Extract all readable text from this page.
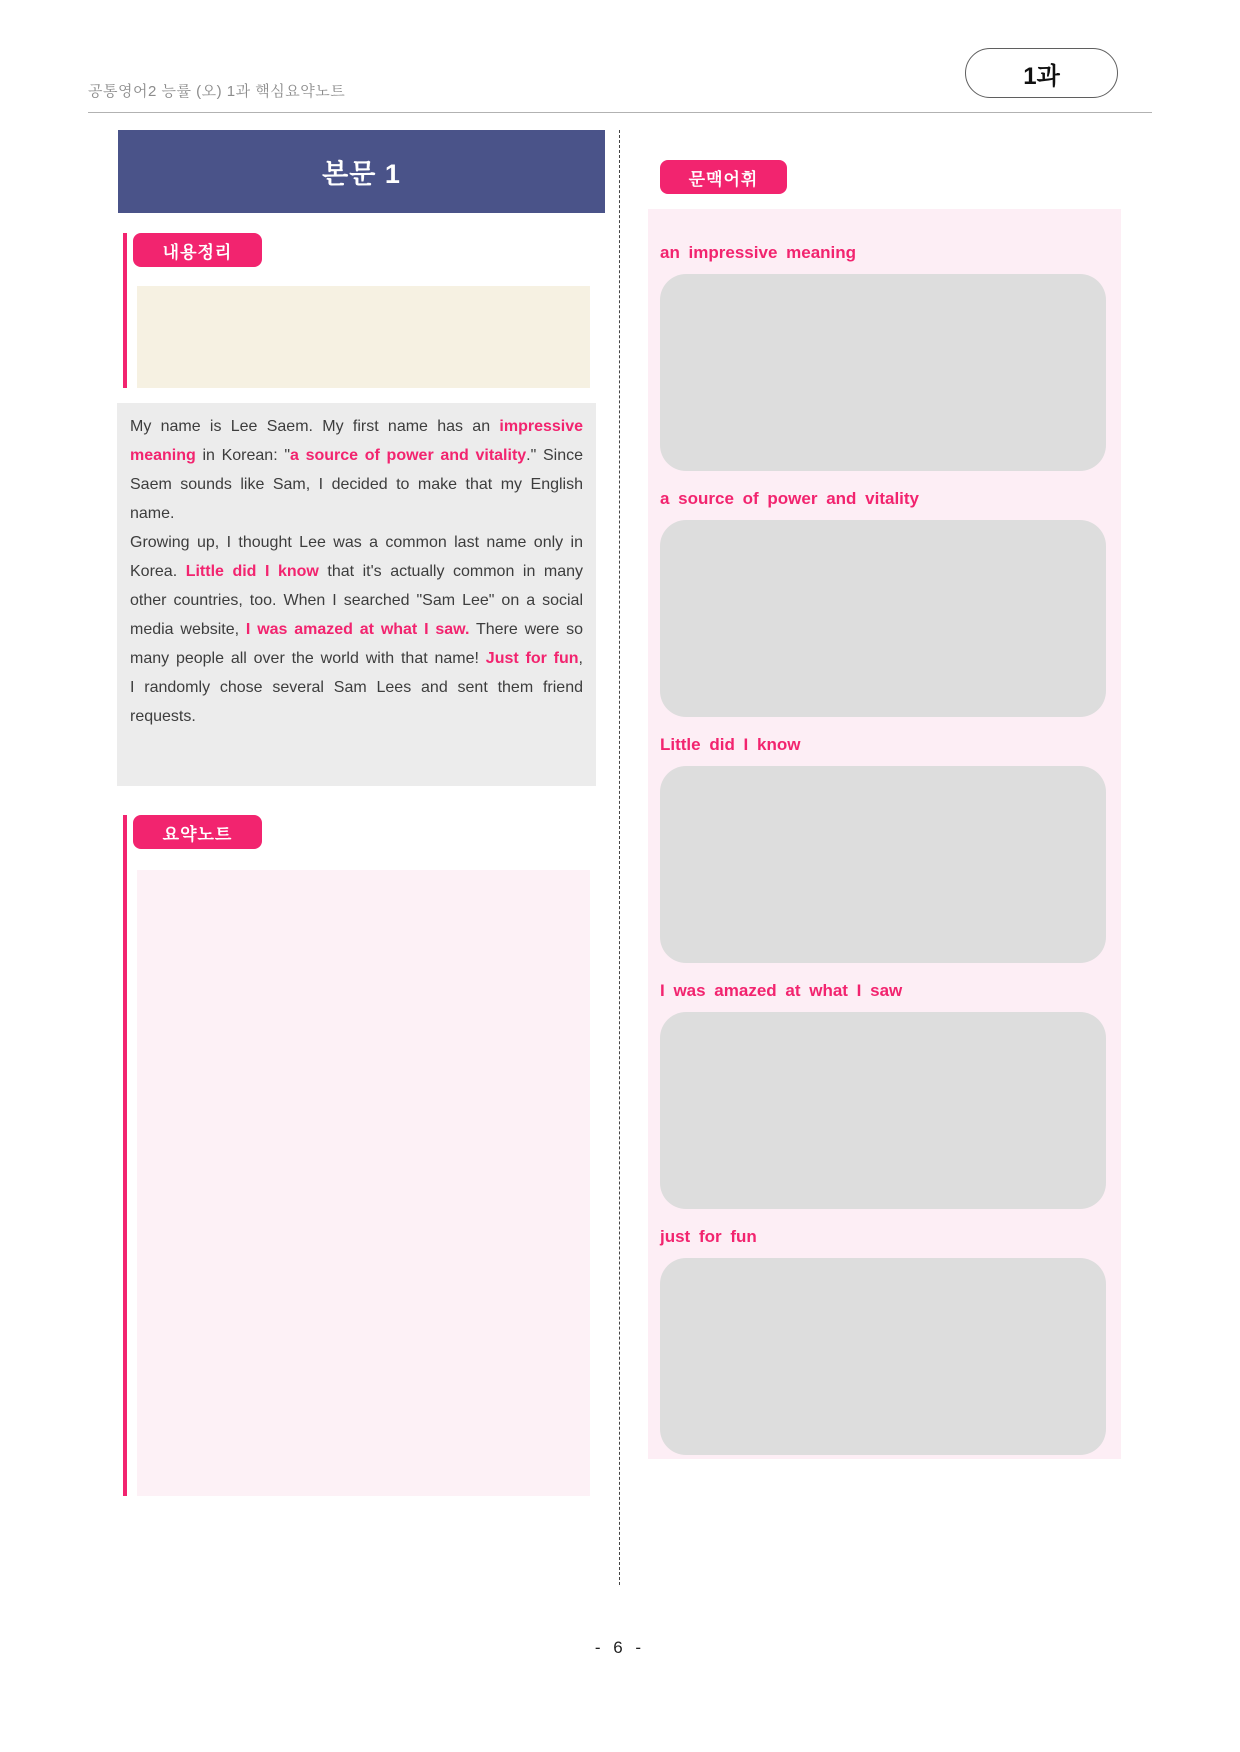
공통영어2 능률 (오) 1과 핵심요약노트
1과
본문 1
내용정리

My name is Lee Saem. My first name has an impressive meaning in Korean: "a source of power and vitality." Since Saem sounds like Sam, I decided to make that my English name.

Growing up, I thought Lee was a common last name only in Korea. Little did I know that it's actually common in many other countries, too. When I searched "Sam Lee" on a social media website, I was amazed at what I saw. There were so many people all over the world with that name! Just for fun, I randomly chose several Sam Lees and sent them friend requests.

요약노트
문맥어휘
an impressive meaning
a source of power and vitality
Little did I know
I was amazed at what I saw
just for fun
- 6 -
